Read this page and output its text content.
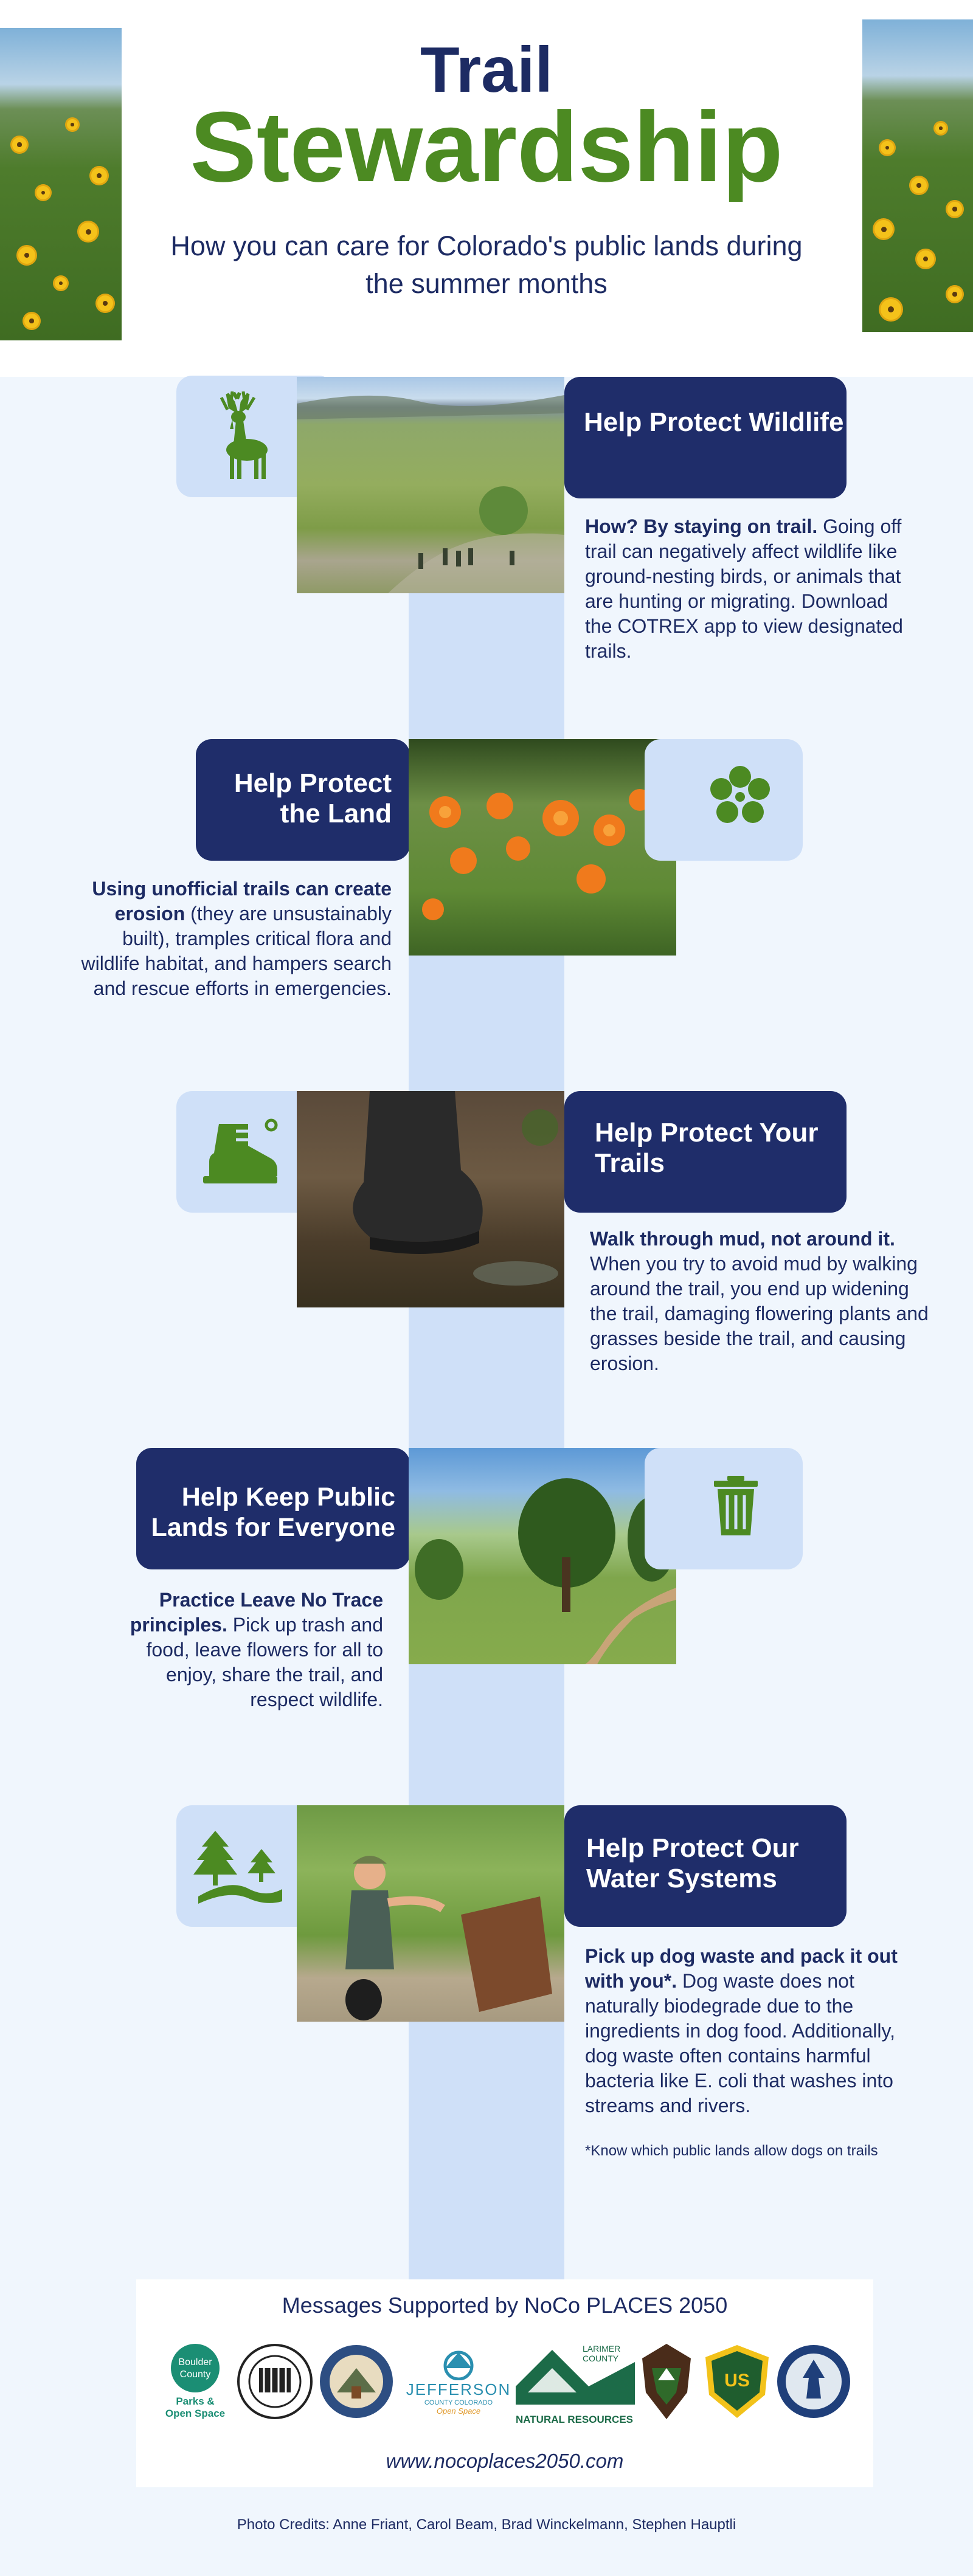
Trail
Stewardship
How you can care for Colorado's public lands during the summer months
Help Protect Wildlife
How? By staying on trail. Going off trail can negatively affect wildlife like ground-nesting birds, or animals that are hunting or migrating. Download the COTREX app to view designated trails.
Help Protect the Land
Using unofficial trails can create erosion (they are unsustainably built), tramples critical flora and wildlife habitat, and hampers search and rescue efforts in emergencies.
Help Protect Your Trails
Walk through mud, not around it. When you try to avoid mud by walking around the trail, you end up widening the trail, damaging flowering plants and grasses beside the trail, and causing erosion.
Help Keep Public Lands for Everyone
Practice Leave No Trace principles. Pick up trash and food, leave flowers for all to enjoy, share the trail, and respect wildlife.
Help Protect Our Water Systems
Pick up dog waste and pack it out with you*. Dog waste does not naturally biodegrade due to the ingredients in dog food. Additionally, dog waste often contains harmful bacteria like E. coli that washes into streams and rivers.
*Know which public lands allow dogs on trails
Messages Supported by NoCo PLACES 2050
Boulder
County
Parks &
Open Space
JEFFERSON
COUNTY COLORADO
Open Space
LARIMER COUNTY
NATURAL RESOURCES
US
www.nocoplaces2050.com
Photo Credits: Anne Friant, Carol Beam, Brad Winckelmann, Stephen Hauptli
